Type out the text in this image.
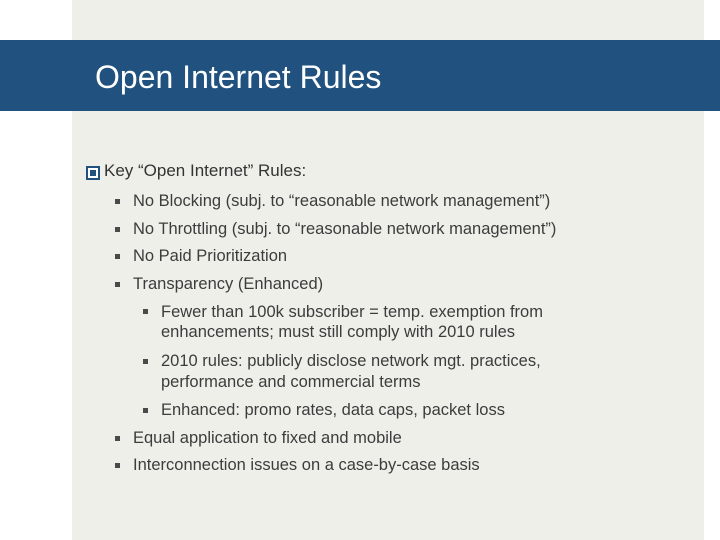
Open Internet Rules
Key “Open Internet” Rules:
No Blocking (subj. to “reasonable network management”)
No Throttling (subj. to “reasonable network management”)
No Paid Prioritization
Transparency (Enhanced)
Fewer than 100k subscriber = temp. exemption from
enhancements; must still comply with 2010 rules
2010 rules: publicly disclose network mgt. practices,
performance and commercial terms
Enhanced: promo rates, data caps, packet loss
Equal application to fixed and mobile
Interconnection issues on a case-by-case basis
